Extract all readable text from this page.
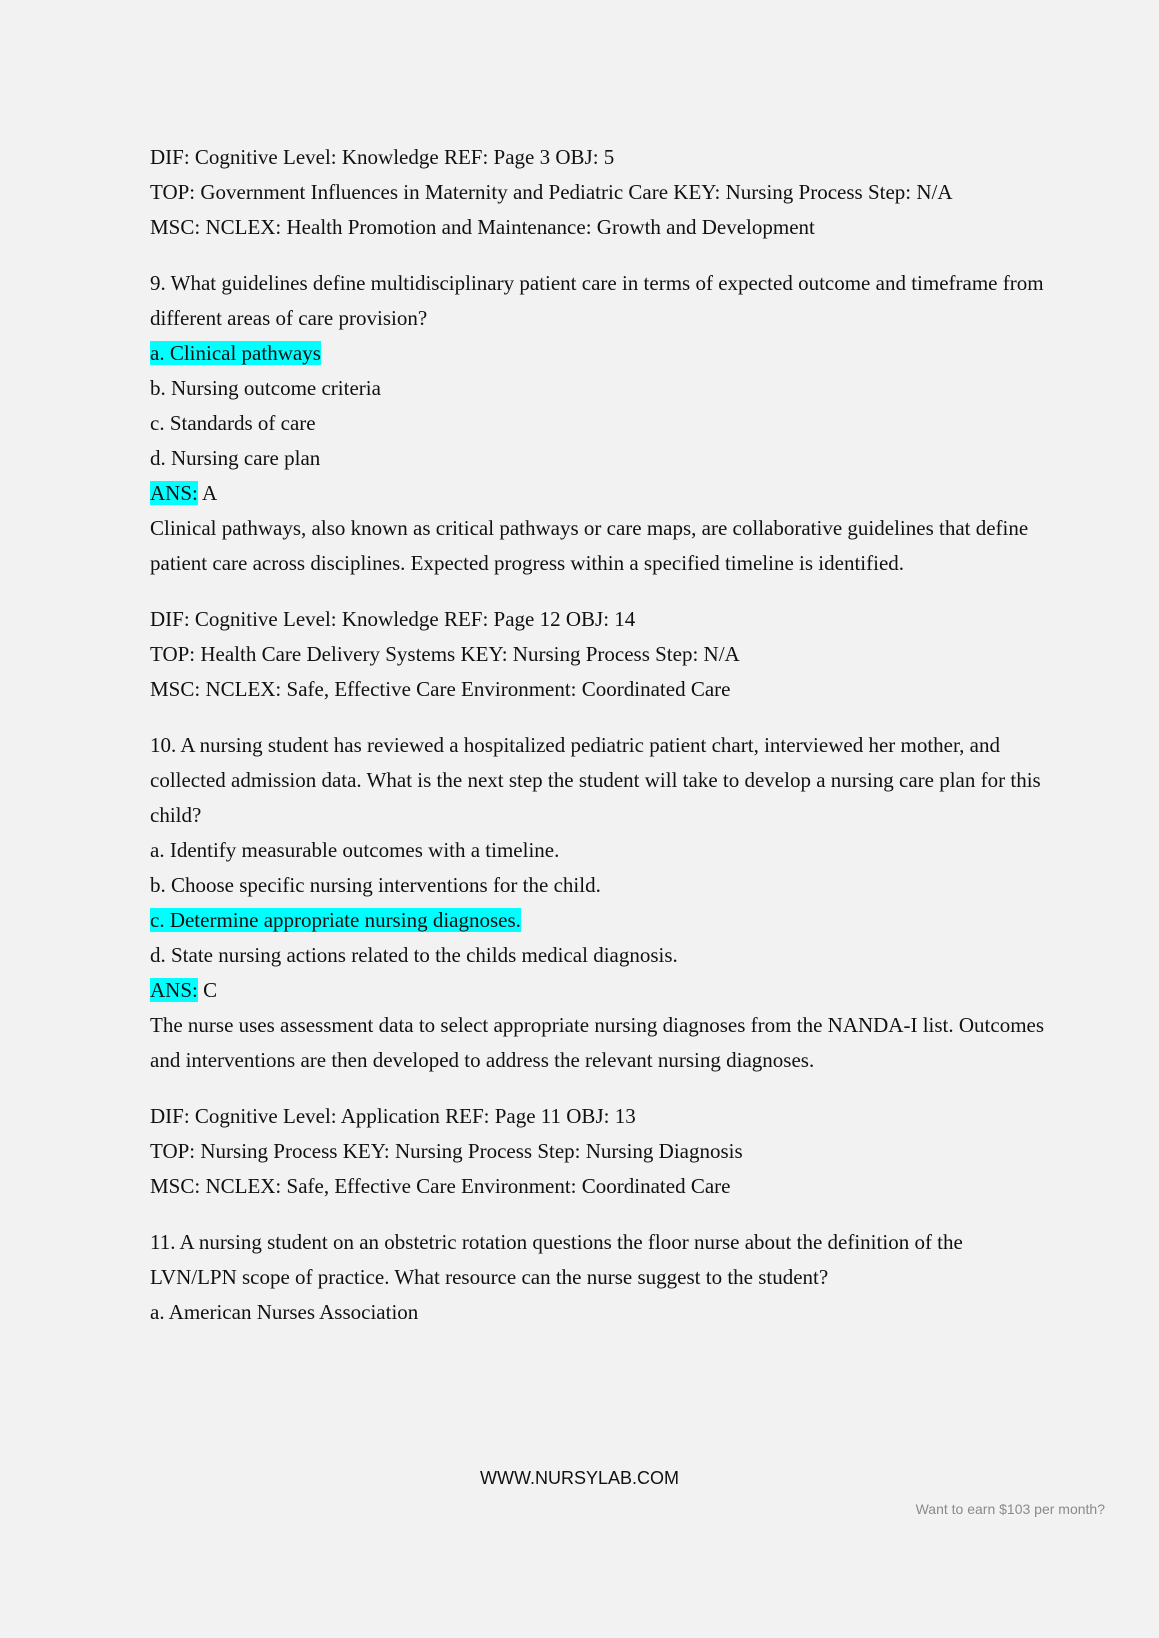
DIF: Cognitive Level: Knowledge REF: Page 3 OBJ: 5
TOP: Government Influences in Maternity and Pediatric Care KEY: Nursing Process Step: N/A
MSC: NCLEX: Health Promotion and Maintenance: Growth and Development
9. What guidelines define multidisciplinary patient care in terms of expected outcome and timeframe from different areas of care provision?
a. Clinical pathways
b. Nursing outcome criteria
c. Standards of care
d. Nursing care plan
ANS: A
Clinical pathways, also known as critical pathways or care maps, are collaborative guidelines that define patient care across disciplines. Expected progress within a specified timeline is identified.
DIF: Cognitive Level: Knowledge REF: Page 12 OBJ: 14
TOP: Health Care Delivery Systems KEY: Nursing Process Step: N/A
MSC: NCLEX: Safe, Effective Care Environment: Coordinated Care
10. A nursing student has reviewed a hospitalized pediatric patient chart, interviewed her mother, and collected admission data. What is the next step the student will take to develop a nursing care plan for this child?
a. Identify measurable outcomes with a timeline.
b. Choose specific nursing interventions for the child.
c. Determine appropriate nursing diagnoses.
d. State nursing actions related to the childs medical diagnosis.
ANS: C
The nurse uses assessment data to select appropriate nursing diagnoses from the NANDA-I list. Outcomes and interventions are then developed to address the relevant nursing diagnoses.
DIF: Cognitive Level: Application REF: Page 11 OBJ: 13
TOP: Nursing Process KEY: Nursing Process Step: Nursing Diagnosis
MSC: NCLEX: Safe, Effective Care Environment: Coordinated Care
11. A nursing student on an obstetric rotation questions the floor nurse about the definition of the LVN/LPN scope of practice. What resource can the nurse suggest to the student?
a. American Nurses Association
WWW.NURSYLAB.COM
Want to earn $103 per month?
